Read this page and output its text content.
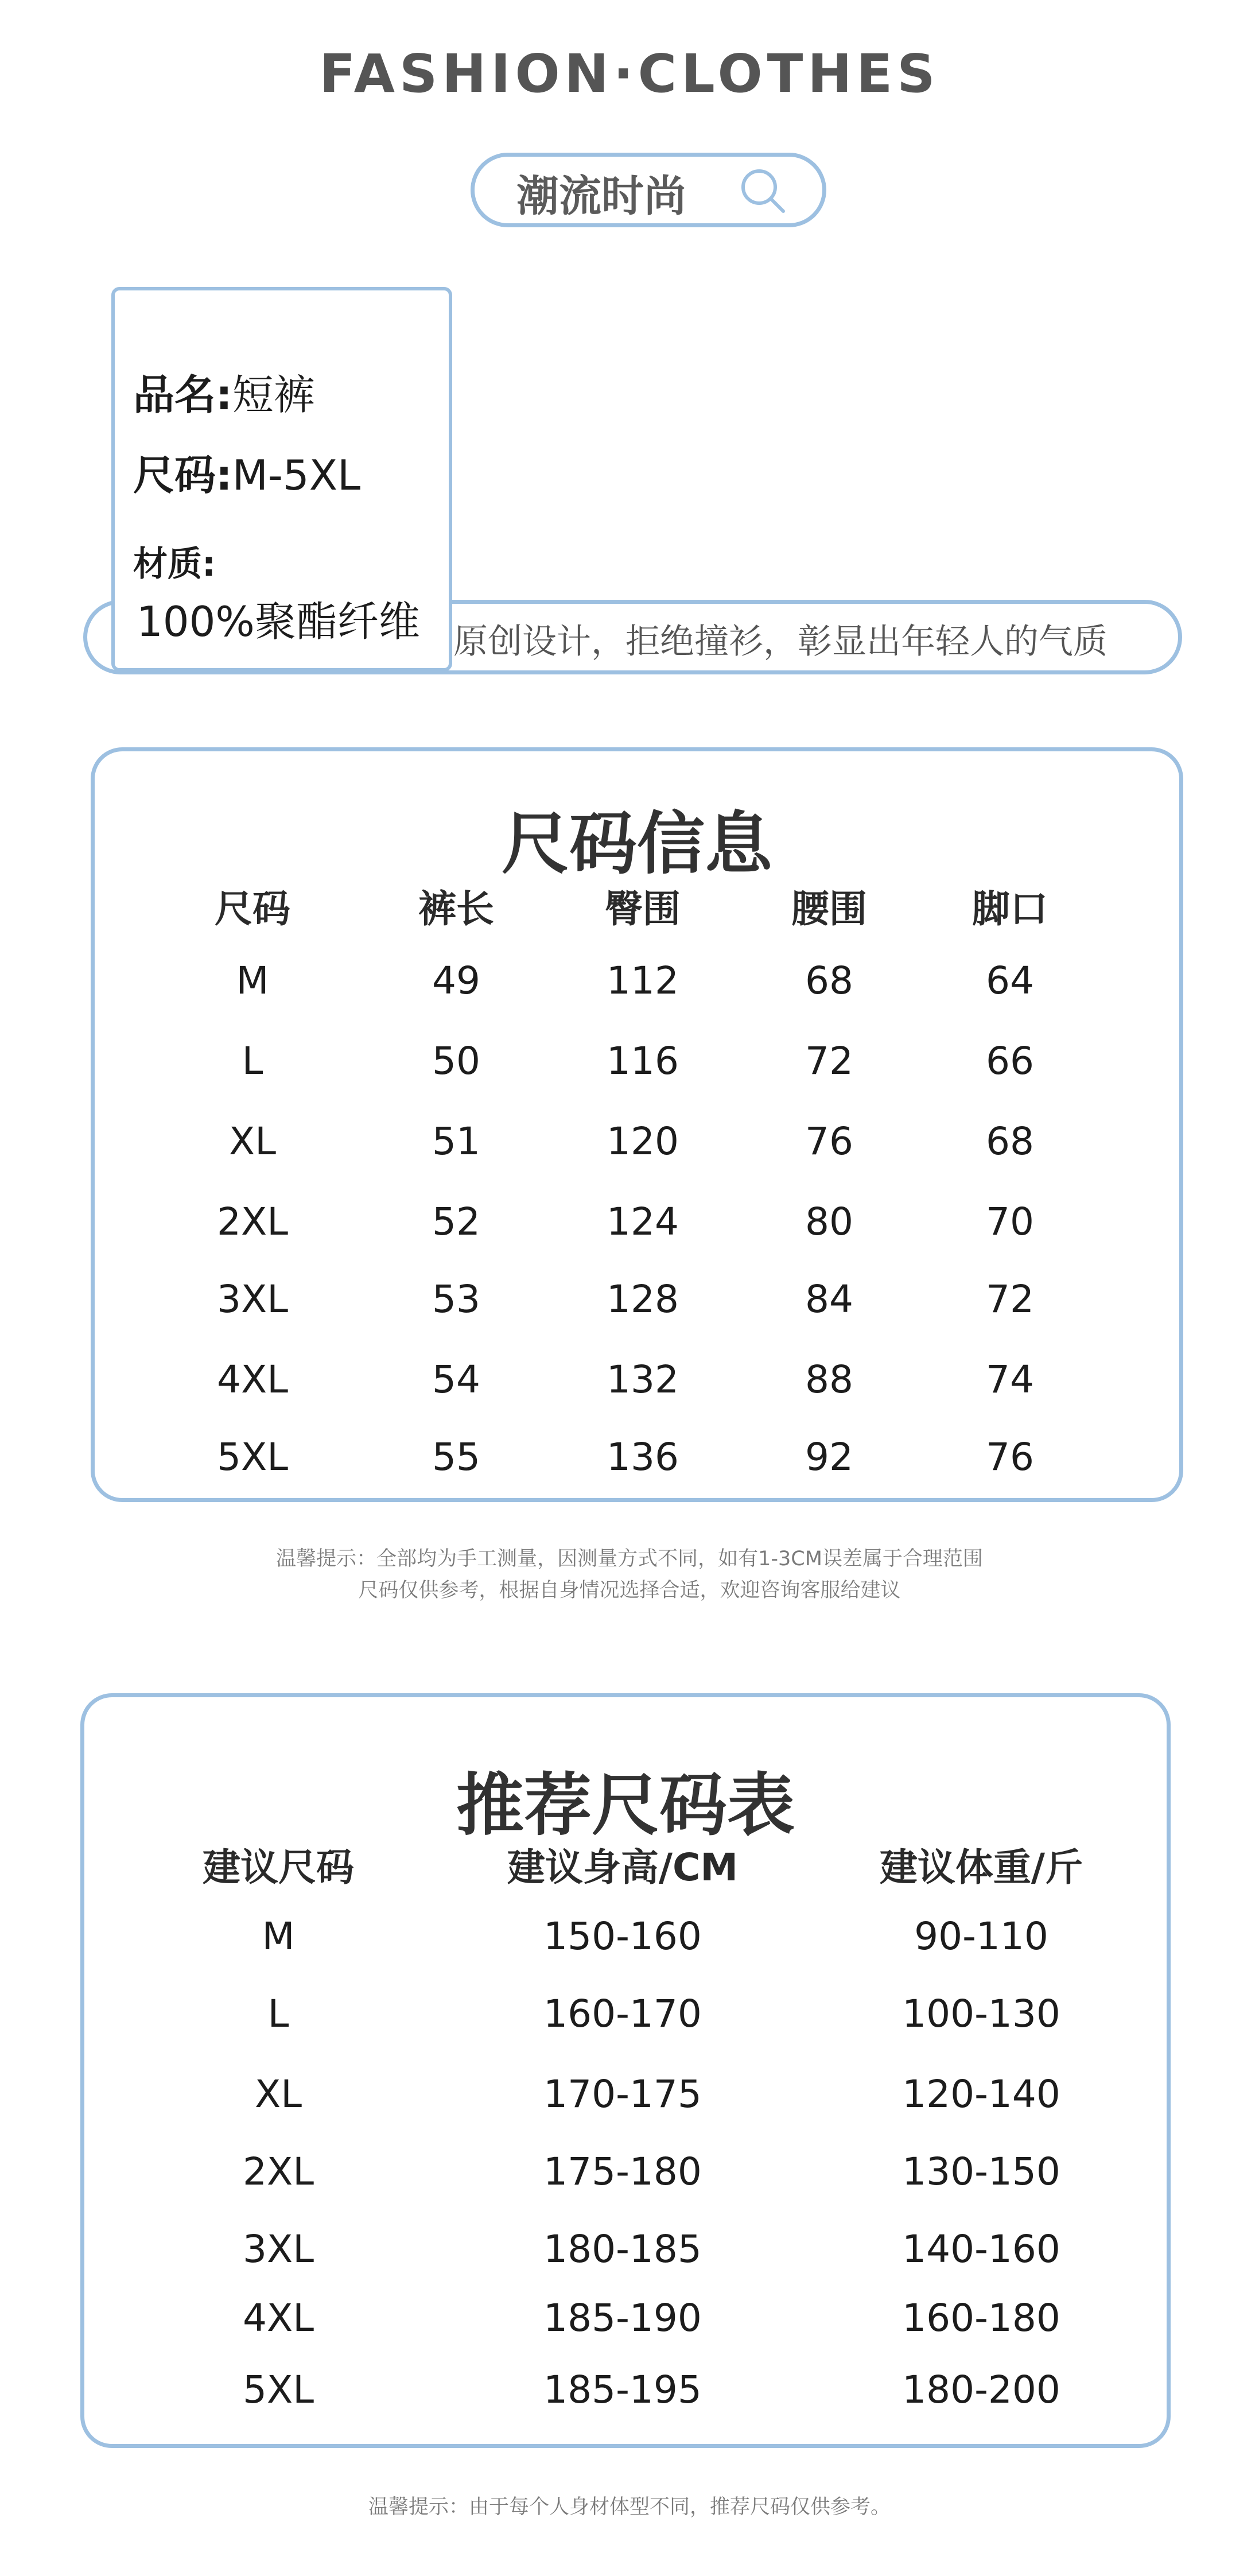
FASHION·CLOTHES
潮流时尚
原创设计，拒绝撞衫，彰显出年轻人的气质
品名:短裤
尺码:M-5XL
材质:
100%聚酯纤维
尺码信息
尺码	裤长	臀围	腰围	脚口
M	49	112	68	64
L	50	116	72	66
XL	51	120	76	68
2XL	52	124	80	70
3XL	53	128	84	72
4XL	54	132	88	74
5XL	55	136	92	76
温馨提示：全部均为手工测量，因测量方式不同，如有1-3CM误差属于合理范围
尺码仅供参考，根据自身情况选择合适，欢迎咨询客服给建议
推荐尺码表
建议尺码	建议身高/CM	建议体重/斤
M	150-160	90-110
L	160-170	100-130
XL	170-175	120-140
2XL	175-180	130-150
3XL	180-185	140-160
4XL	185-190	160-180
5XL	185-195	180-200
温馨提示：由于每个人身材体型不同，推荐尺码仅供参考。
